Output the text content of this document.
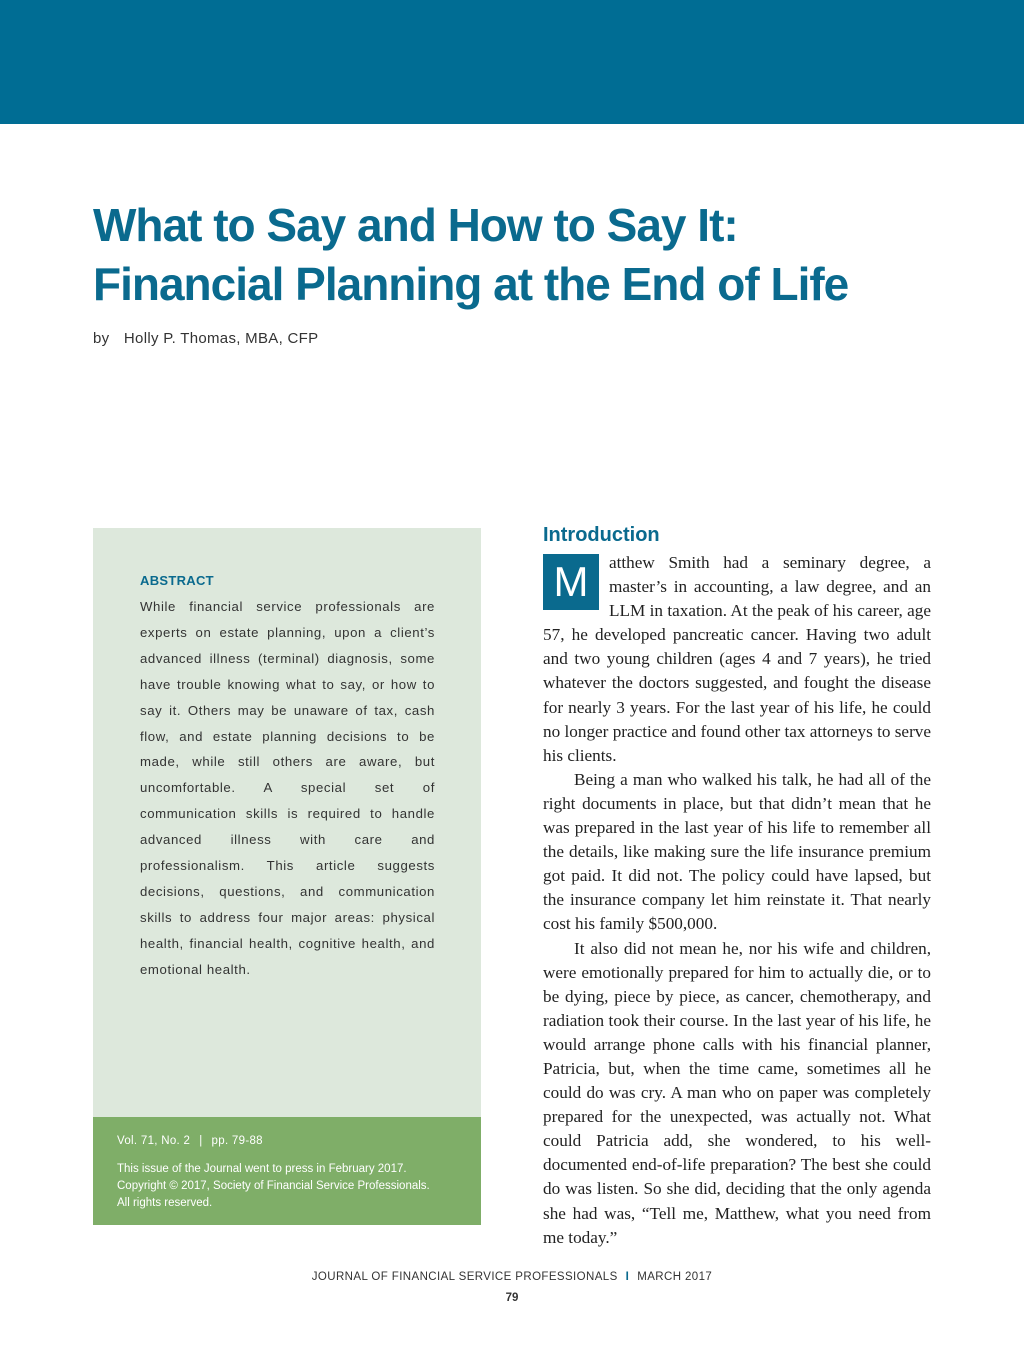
What to Say and How to Say It:
Financial Planning at the End of Life
by Holly P. Thomas, MBA, CFP
ABSTRACT

While financial service professionals are experts on estate planning, upon a client’s advanced illness (terminal) diagnosis, some have trouble knowing what to say, or how to say it. Others may be unaware of tax, cash flow, and estate planning decisions to be made, while still others are aware, but uncomfortable. A special set of communication skills is required to handle advanced illness with care and professionalism. This article suggests decisions, questions, and communication skills to address four major areas: physical health, financial health, cognitive health, and emotional health.

Vol. 71, No. 2 | pp. 79-88

This issue of the Journal went to press in February 2017.
Copyright © 2017, Society of Financial Service Professionals.
All rights reserved.

Introduction
M	atthew Smith had a seminary degree, a master’s in accounting, a law degree, and an LLM in taxation. At the peak of his career, age 57, he developed pancreatic cancer. Having two adult and two young children (ages 4 and 7 years), he tried whatever the doctors suggested, and fought the disease for nearly 3 years. For the last year of his life, he could no longer practice and found other tax attorneys to serve his clients.

Being a man who walked his talk, he had all of the right documents in place, but that didn’t mean that he was prepared in the last year of his life to remember all the details, like making sure the life insurance premium got paid. It did not. The policy could have lapsed, but the insurance company let him reinstate it. That nearly cost his family $500,000.

It also did not mean he, nor his wife and children, were emotionally prepared for him to actually die, or to be dying, piece by piece, as cancer, chemotherapy, and radiation took their course. In the last year of his life, he would arrange phone calls with his financial planner, Patricia, but, when the time came, sometimes all he could do was cry. A man who on paper was completely prepared for the unexpected, was actually not. What could Patricia add, she wondered, to his well-documented end-of-life preparation? The best she could do was listen. So she did, deciding that the only agenda she had was, “Tell me, Matthew, what you need from me today.”

JOURNAL OF FINANCIAL SERVICE PROFESSIONALS I MARCH 2017
79
